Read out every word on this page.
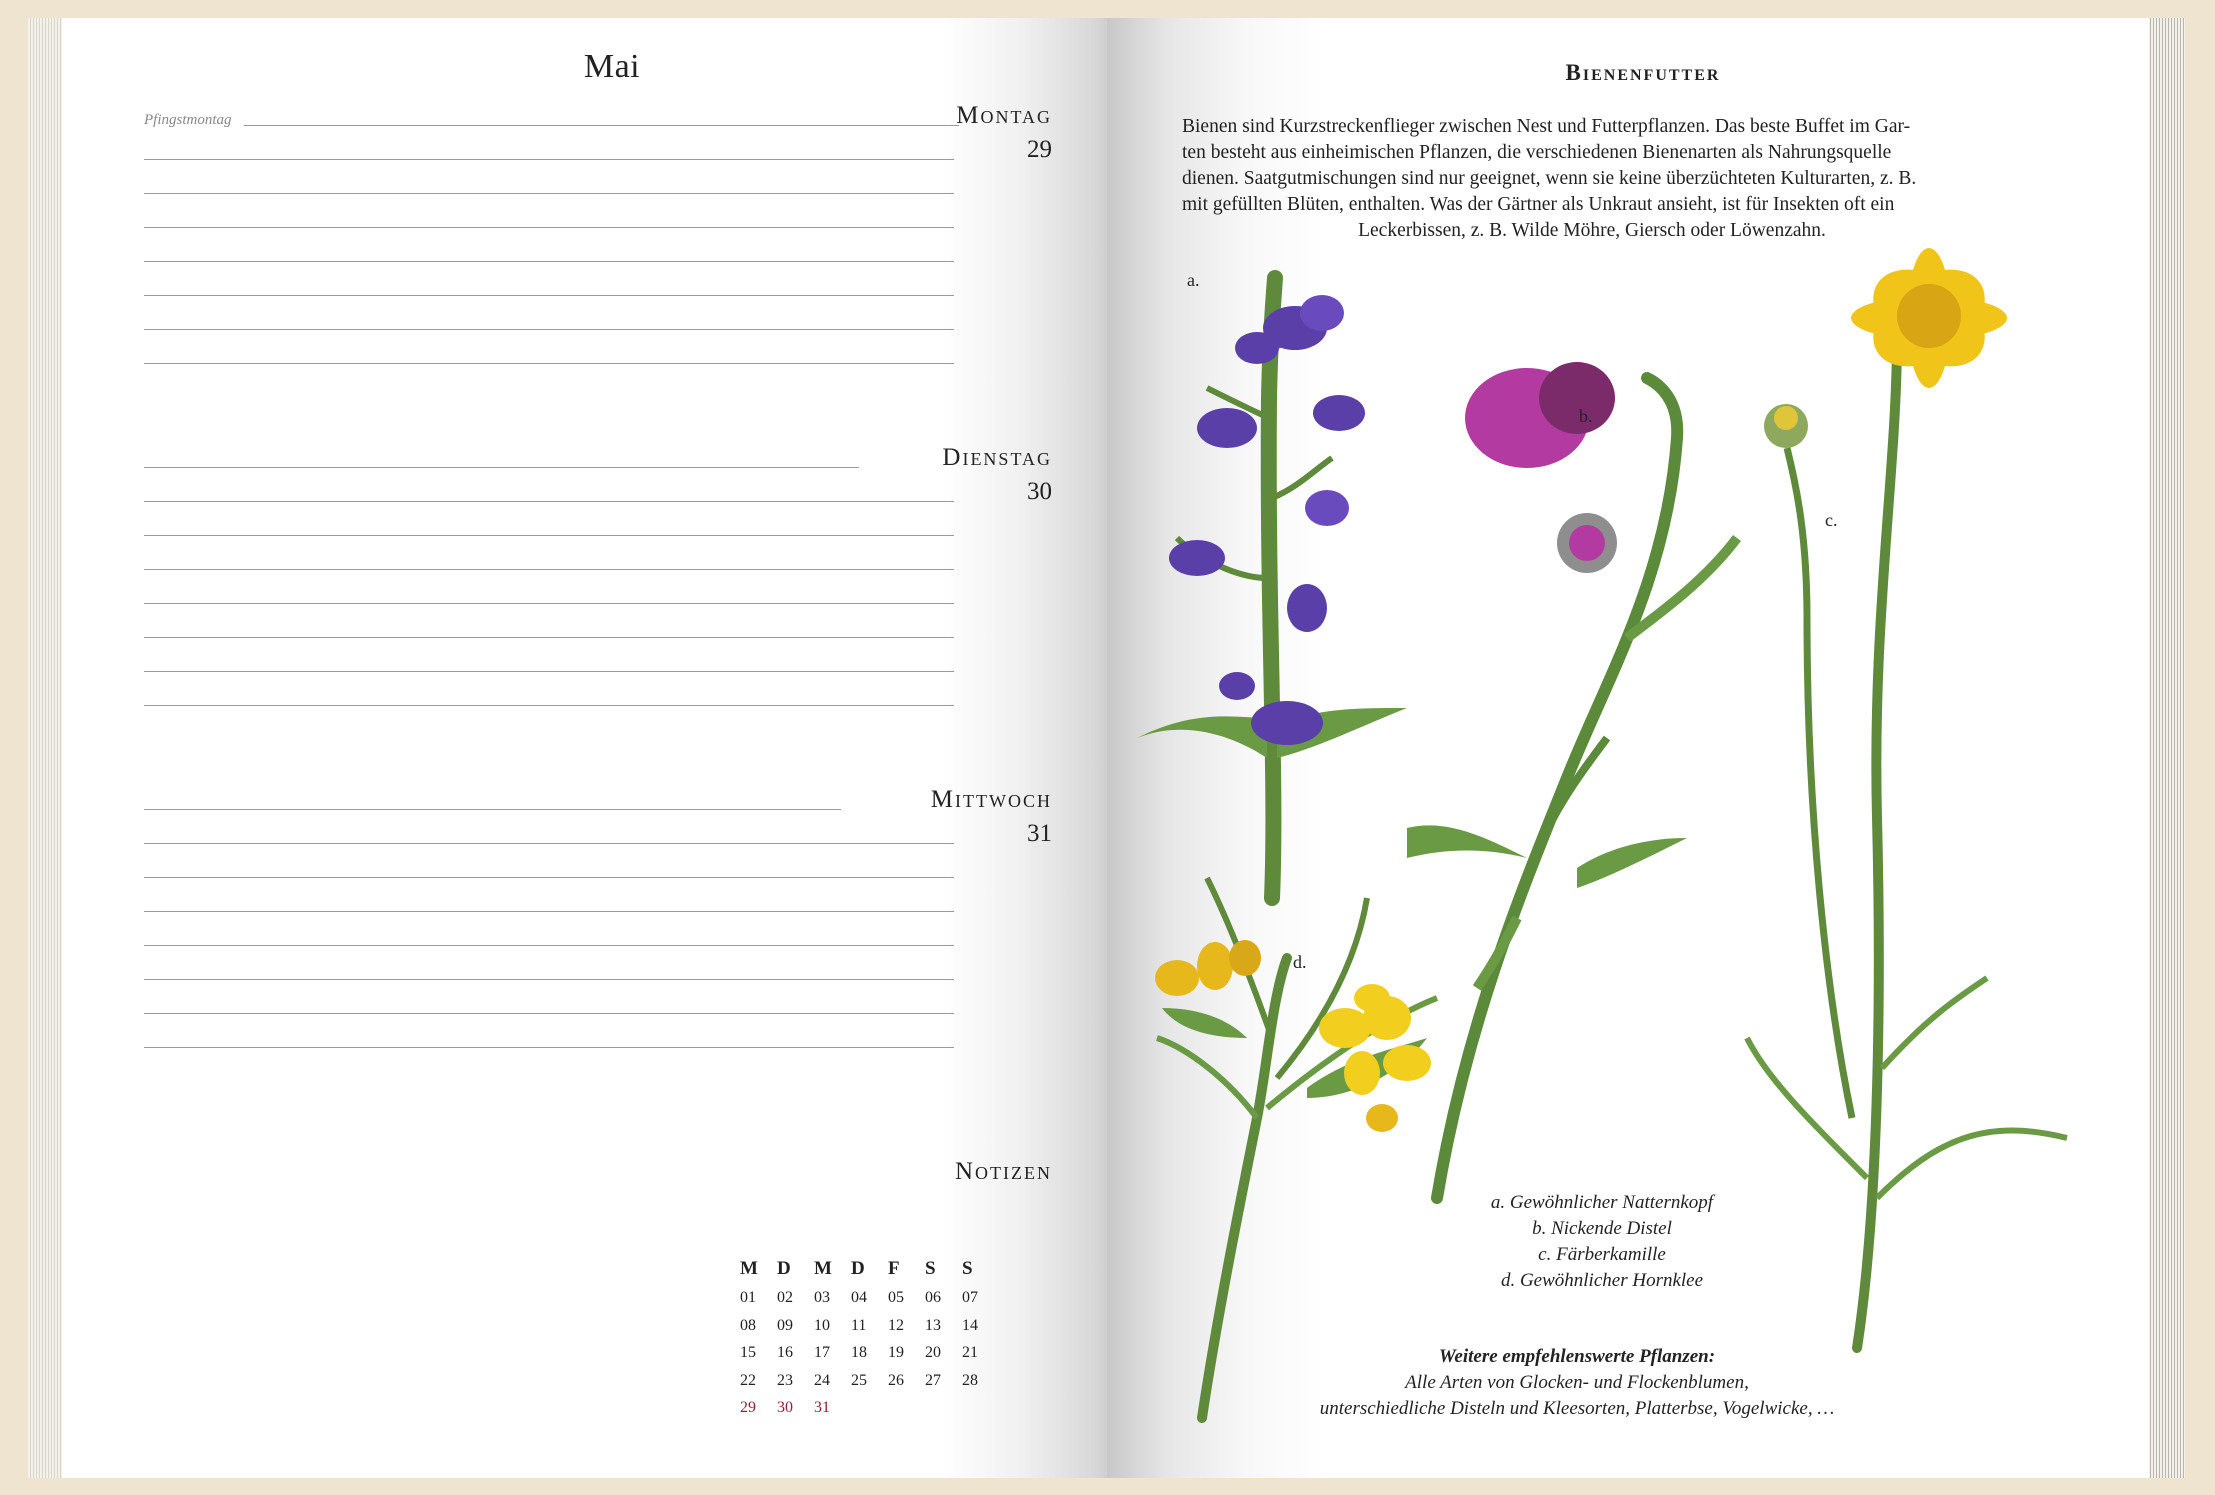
Mai
Pfingstmontag	Montag
29
Dienstag
30
Mittwoch
31
Notizen
M	D	M	D	F	S	S
01	02	03	04	05	06	07
08	09	10	11	12	13	14
15	16	17	18	19	20	21
22	23	24	25	26	27	28
29	30	31
Bienenfutter
Bienen sind Kurzstreckenflieger zwischen Nest und Futterpflanzen. Das beste Buffet im Gar-
ten besteht aus einheimischen Pflanzen, die verschiedenen Bienenarten als Nahrungsquelle
dienen. Saatgutmischungen sind nur geeignet, wenn sie keine überzüchteten Kulturarten, z. B.
mit gefüllten Blüten, enthalten. Was der Gärtner als Unkraut ansieht, ist für Insekten oft ein
Leckerbissen, z. B. Wilde Möhre, Giersch oder Löwenzahn.
a.
b.
c.
d.
a. Gewöhnlicher Natternkopf
b. Nickende Distel
c. Färberkamille
d. Gewöhnlicher Hornklee
Weitere empfehlenswerte Pflanzen:
Alle Arten von Glocken- und Flockenblumen,
unterschiedliche Disteln und Kleesorten, Platterbse, Vogelwicke, …
